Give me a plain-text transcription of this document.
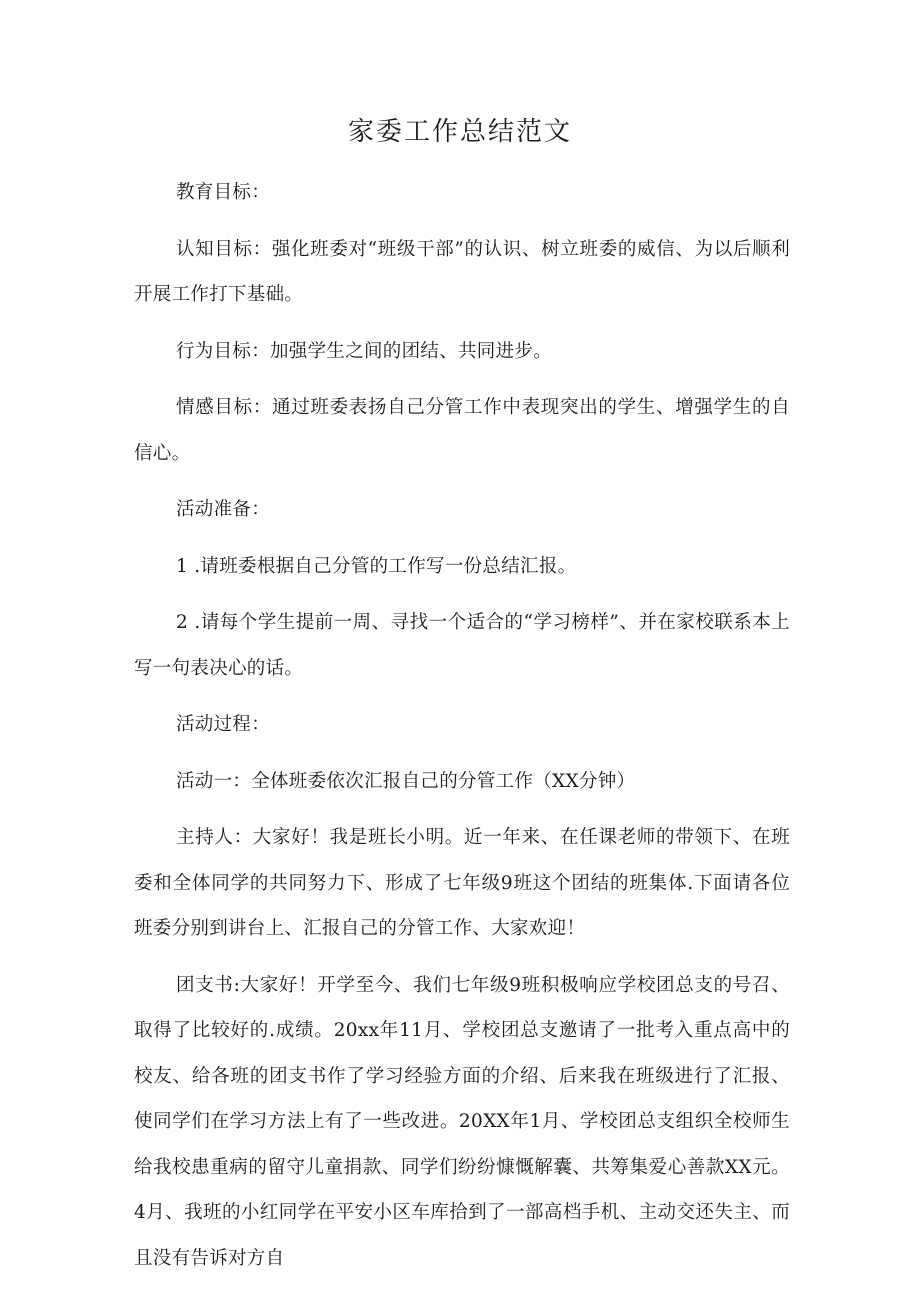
家委工作总结范文

教育目标：

认知目标：强化班委对“班级干部”的认识、树立班委的威信、为以后顺利开展工作打下基础。

行为目标：加强学生之间的团结、共同进步。

情感目标：通过班委表扬自己分管工作中表现突出的学生、增强学生的自信心。

活动准备：

1 .请班委根据自己分管的工作写一份总结汇报。

2 .请每个学生提前一周、寻找一个适合的“学习榜样”、并在家校联系本上写一句表决心的话。

活动过程：

活动一：全体班委依次汇报自己的分管工作（XX分钟）

主持人：大家好！我是班长小明。近一年来、在任课老师的带领下、在班委和全体同学的共同努力下、形成了七年级9班这个团结的班集体.下面请各位班委分别到讲台上、汇报自己的分管工作、大家欢迎！

团支书:大家好！开学至今、我们七年级9班积极响应学校团总支的号召、取得了比较好的.成绩。20xx年11月、学校团总支邀请了一批考入重点高中的校友、给各班的团支书作了学习经验方面的介绍、后来我在班级进行了汇报、使同学们在学习方法上有了一些改进。20XX年1月、学校团总支组织全校师生给我校患重病的留守儿童捐款、同学们纷纷慷慨解囊、共筹集爱心善款XX元。4月、我班的小红同学在平安小区车库拾到了一部高档手机、主动交还失主、而且没有告诉对方自
